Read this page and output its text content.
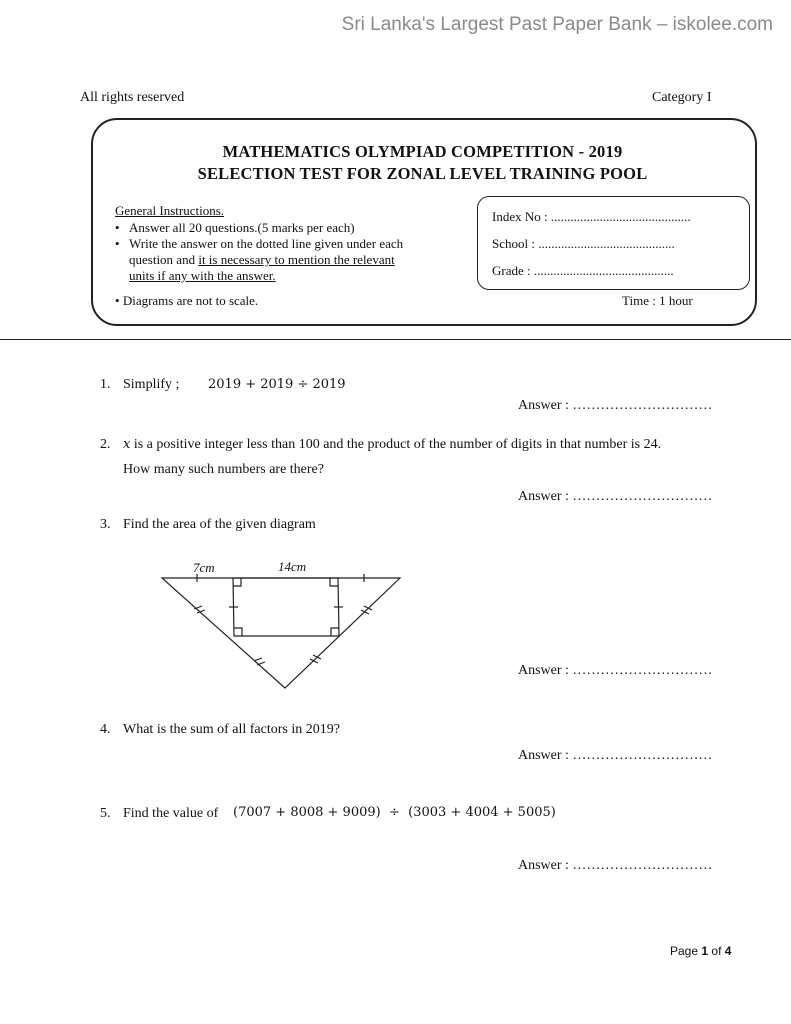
Sri Lanka's Largest Past Paper Bank – iskolee.com
All rights reserved	Category I
MATHEMATICS OLYMPIAD COMPETITION - 2019
SELECTION TEST FOR ZONAL LEVEL TRAINING POOL
General Instructions.
• Answer all 20 questions.(5 marks per each)
• Write the answer on the dotted line given under each
question and it is necessary to mention the relevant
units if any with the answer.
• Diagrams are not to scale.	Time : 1 hour
Index No : ...........................................
School : ..........................................
Grade : ...........................................
1. Simplify ; 2019 + 2019 ÷ 2019
Answer : …………………………
2. x is a positive integer less than 100 and the product of the number of digits in that number is 24.
How many such numbers are there?
Answer : …………………………
3. Find the area of the given diagram
7cm	14cm
Answer : …………………………
4. What is the sum of all factors in 2019?
Answer : …………………………
5. Find the value of (7007 + 8008 + 9009)  ÷  (3003 + 4004 + 5005)
Answer : …………………………
Page 1 of 4
